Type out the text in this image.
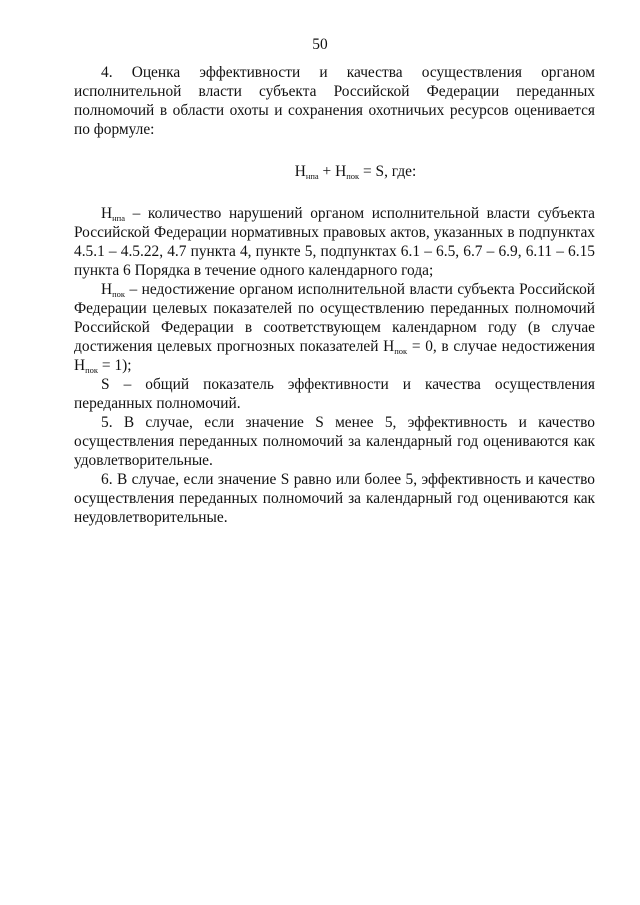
50

4. Оценка эффективности и качества осуществления органом исполнительной власти субъекта Российской Федерации переданных полномочий в области охоты и сохранения охотничьих ресурсов оценивается по формуле:

$Н_{нпа} + Н_{пок} = S$, где:

$Н_{нпа}$ – количество нарушений органом исполнительной власти субъекта Российской Федерации нормативных правовых актов, указанных в подпунктах 4.5.1 – 4.5.22, 4.7 пункта 4, пункте 5, подпунктах 6.1 – 6.5, 6.7 – 6.9, 6.11 – 6.15 пункта 6 Порядка в течение одного календарного года;

$Н_{пок}$ – недостижение органом исполнительной власти субъекта Российской Федерации целевых показателей по осуществлению переданных полномочий Российской Федерации в соответствующем календарном году (в случае достижения целевых прогнозных показателей $Н_{пок} = 0$, в случае недостижения $Н_{пок} = 1$);

S – общий показатель эффективности и качества осуществления переданных полномочий.

5. В случае, если значение S менее 5, эффективность и качество осуществления переданных полномочий за календарный год оцениваются как удовлетворительные.

6. В случае, если значение S равно или более 5, эффективность и качество осуществления переданных полномочий за календарный год оцениваются как неудовлетворительные.
